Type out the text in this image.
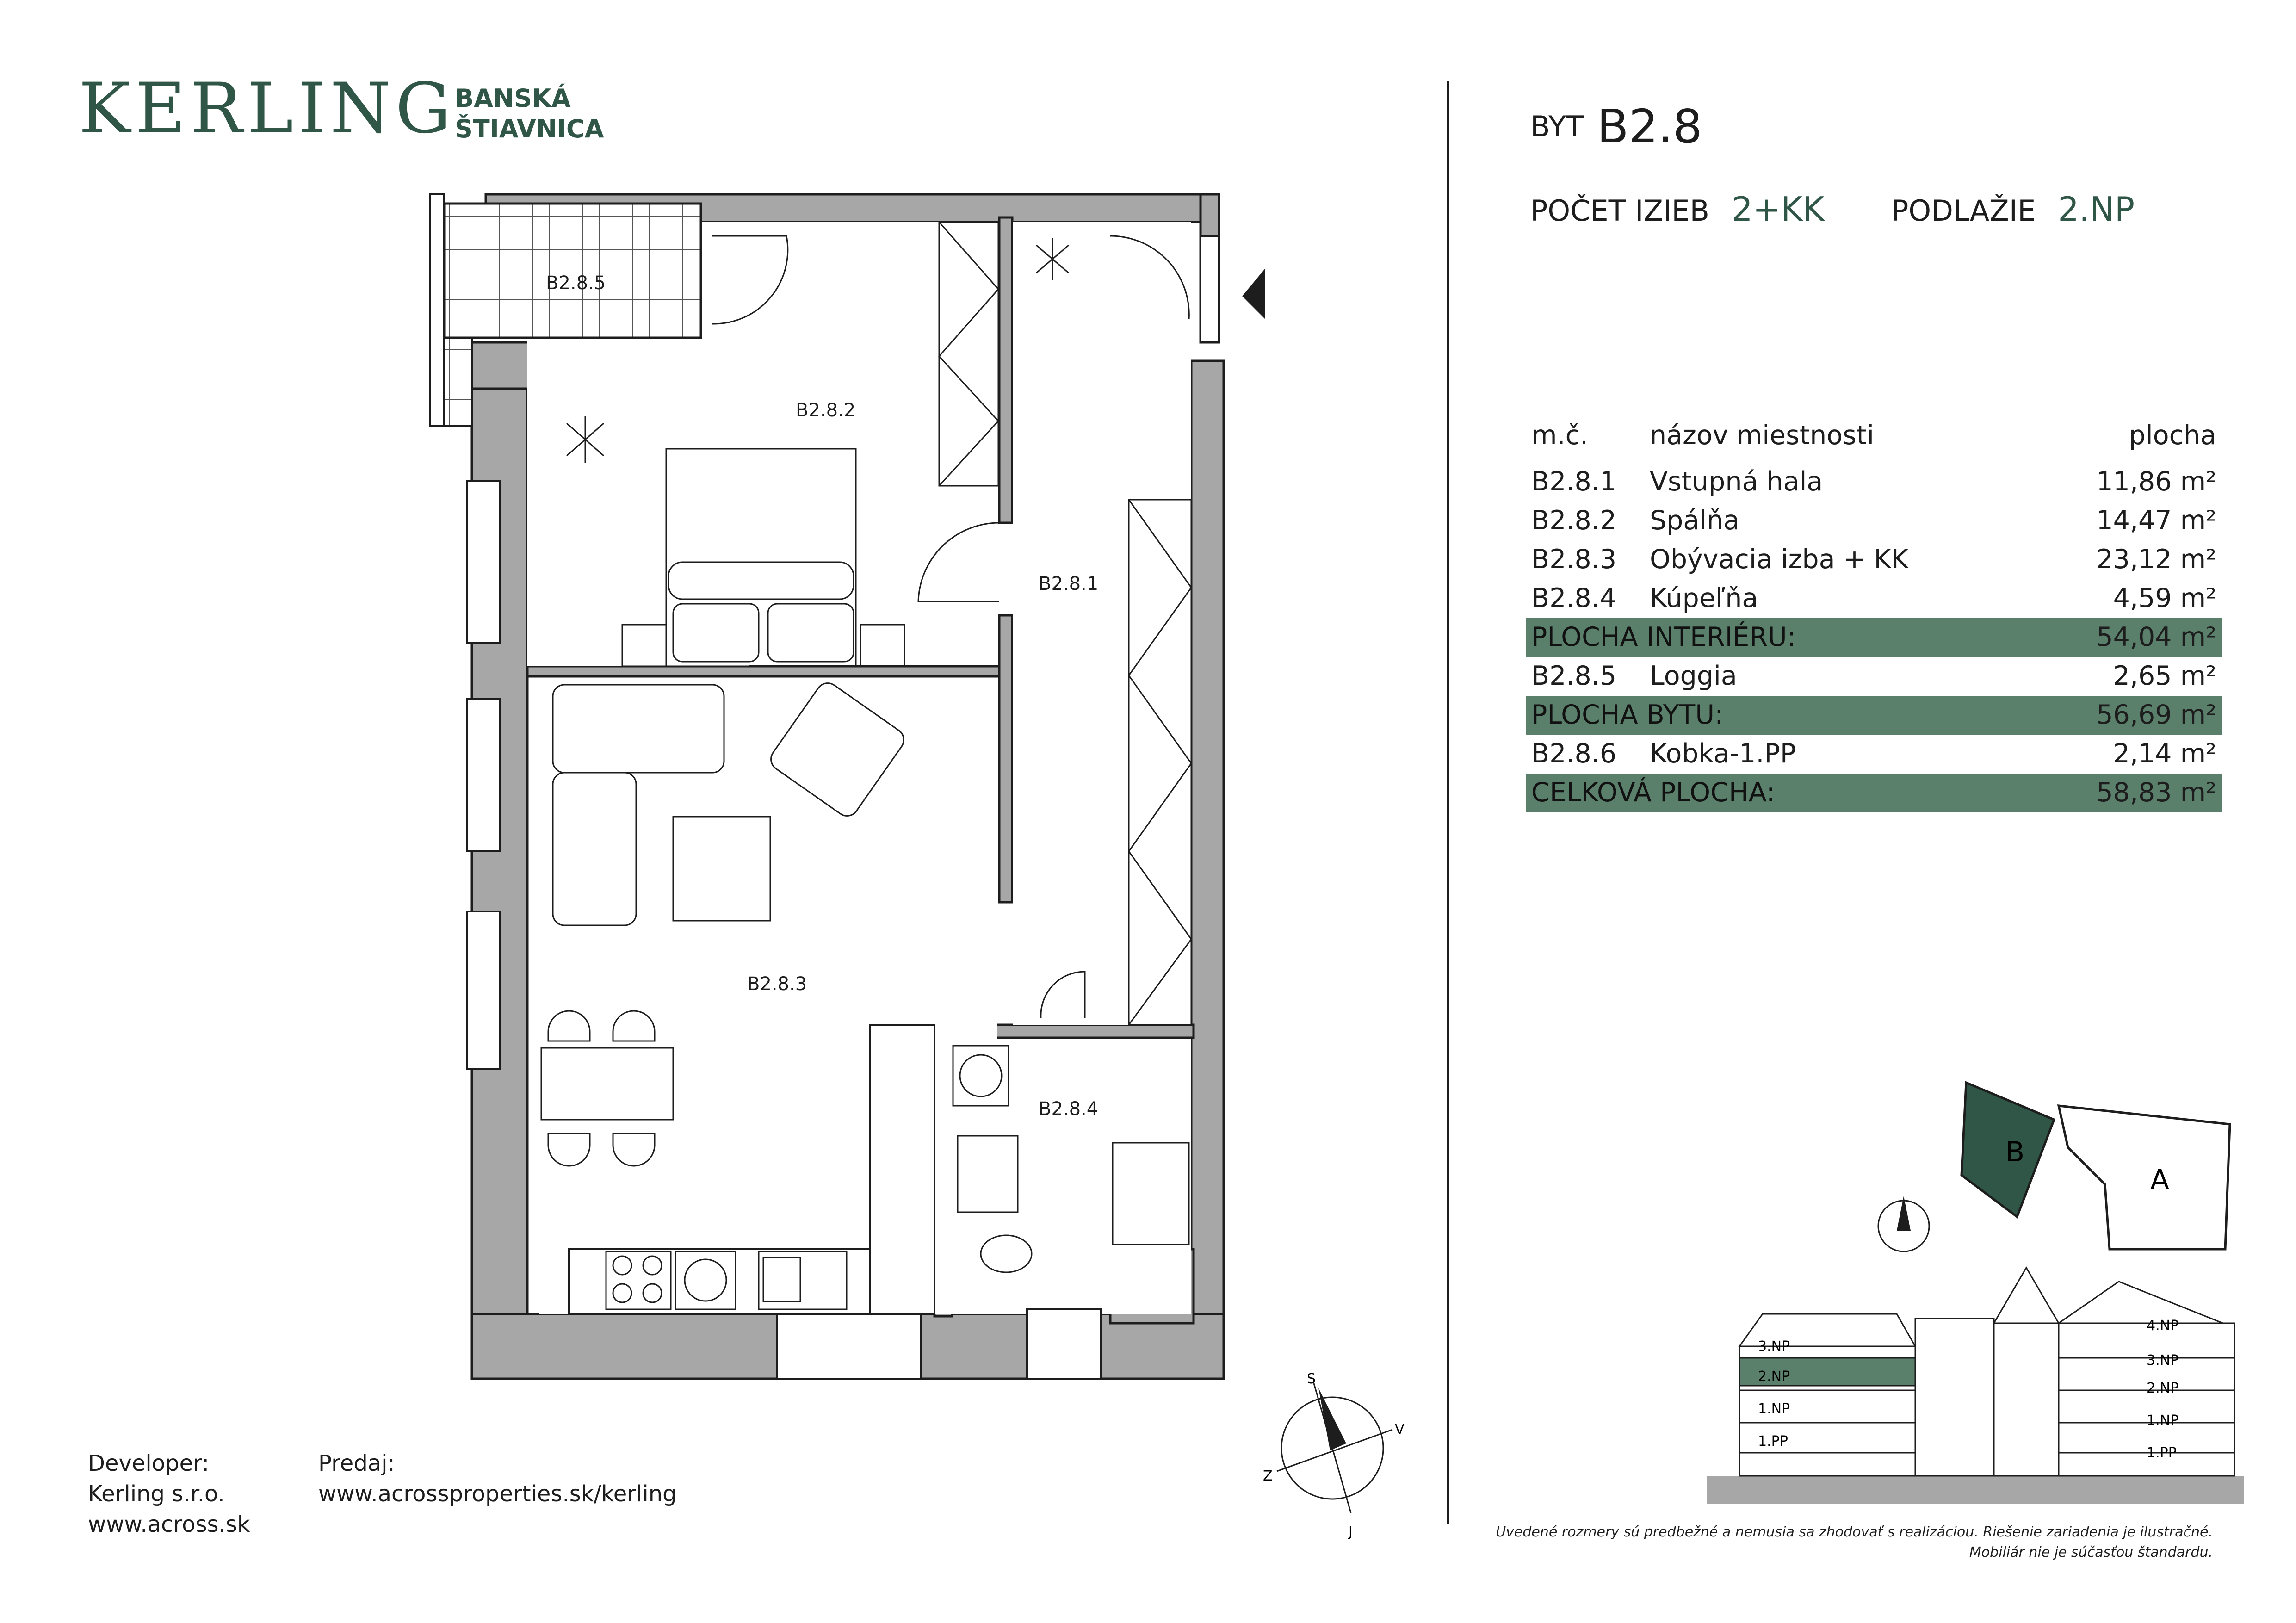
KERLING
BANSKÁ
ŠTIAVNICA	BYT B2.8
POČET IZIEB 2+KK PODLAŽIE 2.NP
m.č. názov miestnosti	plocha
B2.8.1 Vstupná hala	11,86 m²
B2.8.2 Spálňa	14,47 m²
B2.8.3 Obývacia izba + KK	23,12 m²
B2.8.4 Kúpeľňa	4,59 m²
PLOCHA INTERIÉRU:	54,04 m²
B2.8.5 Loggia	2,65 m²
PLOCHA BYTU:	56,69 m²
B2.8.6 Kobka-1.PP	2,14 m²
CELKOVÁ PLOCHA:	58,83 m²
B2.8.5
B2.8.2
B2.8.1
B2.8.3
B2.8.4
B
A
3.NP
2.NP
1.NP
1.PP
4.NP
3.NP
2.NP
1.NP
1.PP
S
V
J
Z
Developer:
Kerling s.r.o.
www.across.sk
Predaj:
www.acrossproperties.sk/kerling
Uvedené rozmery sú predbežné a nemusia sa zhodovať s realizáciou. Riešenie zariadenia je ilustračné.
Mobiliár nie je súčasťou štandardu.
